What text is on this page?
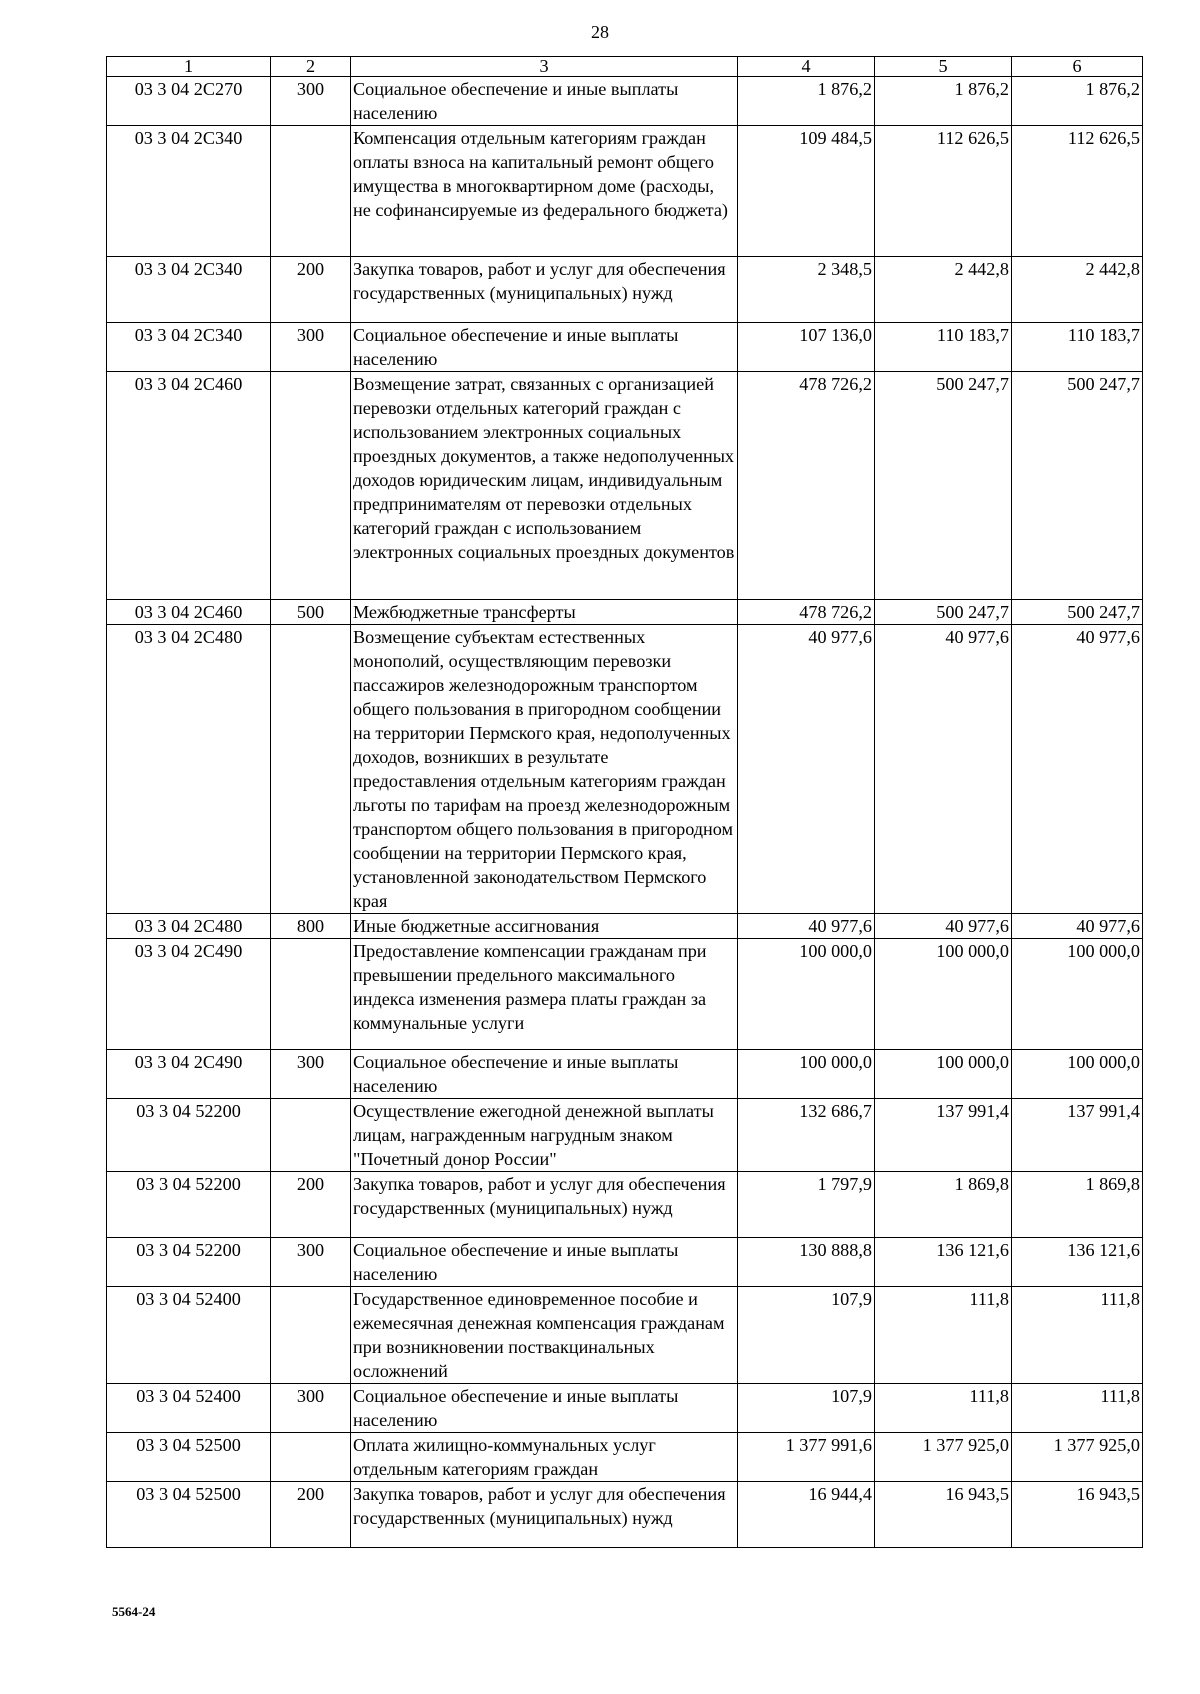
28
1	2	3	4	5	6
03 3 04 2C270	300	Социальное обеспечение и иные выплаты населению	1 876,2	1 876,2	1 876,2
03 3 04 2C340		Компенсация отдельным категориям граждан оплаты взноса на капитальный ремонт общего имущества в многоквартирном доме (расходы, не софинансируемые из федерального бюджета)	109 484,5	112 626,5	112 626,5
03 3 04 2C340	200	Закупка товаров, работ и услуг для обеспечения государственных (муниципальных) нужд	2 348,5	2 442,8	2 442,8
03 3 04 2C340	300	Социальное обеспечение и иные выплаты населению	107 136,0	110 183,7	110 183,7
03 3 04 2C460		Возмещение затрат, связанных с организацией перевозки отдельных категорий граждан с использованием электронных социальных проездных документов, а также недополученных доходов юридическим лицам, индивидуальным предпринимателям от перевозки отдельных категорий граждан с использованием электронных социальных проездных документов	478 726,2	500 247,7	500 247,7
03 3 04 2C460	500	Межбюджетные трансферты	478 726,2	500 247,7	500 247,7
03 3 04 2C480		Возмещение субъектам естественных монополий, осуществляющим перевозки пассажиров железнодорожным транспортом общего пользования в пригородном сообщении на территории Пермского края, недополученных доходов, возникших в результате предоставления отдельным категориям граждан льготы по тарифам на проезд железнодорожным транспортом общего пользования в пригородном сообщении на территории Пермского края, установленной законодательством Пермского края	40 977,6	40 977,6	40 977,6
03 3 04 2C480	800	Иные бюджетные ассигнования	40 977,6	40 977,6	40 977,6
03 3 04 2C490		Предоставление компенсации гражданам при превышении предельного максимального индекса изменения размера платы граждан за коммунальные услуги	100 000,0	100 000,0	100 000,0
03 3 04 2C490	300	Социальное обеспечение и иные выплаты населению	100 000,0	100 000,0	100 000,0
03 3 04 52200		Осуществление ежегодной денежной выплаты лицам, награжденным нагрудным знаком "Почетный донор России"	132 686,7	137 991,4	137 991,4
03 3 04 52200	200	Закупка товаров, работ и услуг для обеспечения государственных (муниципальных) нужд	1 797,9	1 869,8	1 869,8
03 3 04 52200	300	Социальное обеспечение и иные выплаты населению	130 888,8	136 121,6	136 121,6
03 3 04 52400		Государственное единовременное пособие и ежемесячная денежная компенсация гражданам при возникновении поствакцинальных осложнений	107,9	111,8	111,8
03 3 04 52400	300	Социальное обеспечение и иные выплаты населению	107,9	111,8	111,8
03 3 04 52500		Оплата жилищно-коммунальных услуг отдельным категориям граждан	1 377 991,6	1 377 925,0	1 377 925,0
03 3 04 52500	200	Закупка товаров, работ и услуг для обеспечения государственных (муниципальных) нужд	16 944,4	16 943,5	16 943,5
5564-24
